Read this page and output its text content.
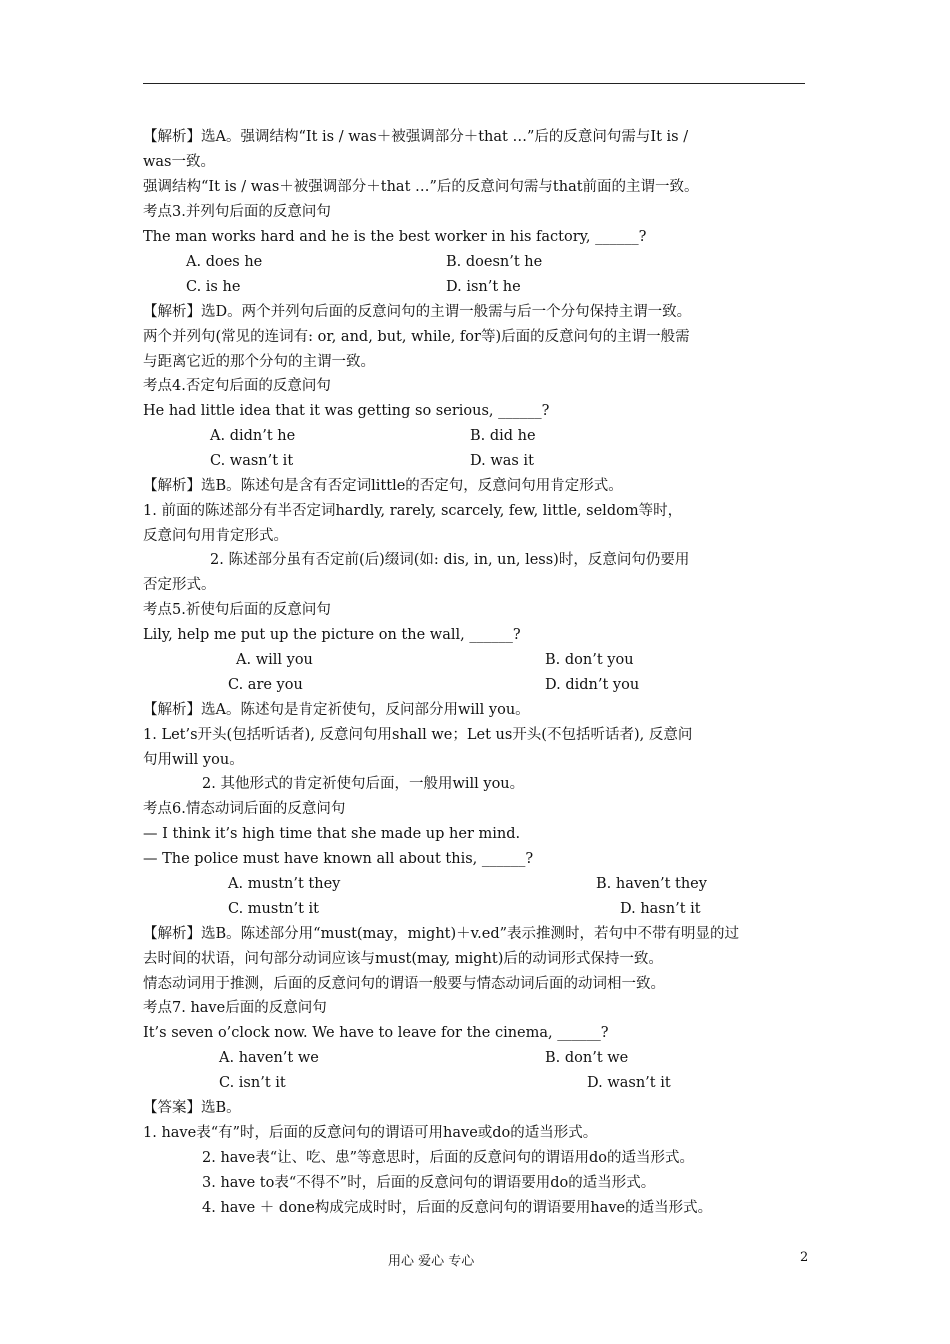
【解析】选A。强调结构“It is / was＋被强调部分＋that …”后的反意问句需与It is /
was一致。
强调结构“It is / was＋被强调部分＋that …”后的反意问句需与that前面的主谓一致。
考点3.并列句后面的反意问句
The man works hard and he is the best worker in his factory, ______?
A. does he	B. doesn’t he
C. is he	D. isn’t he
【解析】选D。两个并列句后面的反意问句的主谓一般需与后一个分句保持主谓一致。
两个并列句(常见的连词有: or, and, but, while, for等)后面的反意问句的主谓一般需
与距离它近的那个分句的主谓一致。
考点4.否定句后面的反意问句
He had little idea that it was getting so serious, ______?
A. didn’t he	B. did he
C. wasn’t it	D. was it
【解析】选B。陈述句是含有否定词little的否定句，反意问句用肯定形式。
1. 前面的陈述部分有半否定词hardly, rarely, scarcely, few, little, seldom等时，
反意问句用肯定形式。
2. 陈述部分虽有否定前(后)缀词(如: dis, in, un, less)时，反意问句仍要用
否定形式。
考点5.祈使句后面的反意问句
Lily, help me put up the picture on the wall, ______?
A. will you	B. don’t you
C. are you	D. didn’t you
【解析】选A。陈述句是肯定祈使句，反问部分用will you。
1. Let’s开头(包括听话者), 反意问句用shall we；Let us开头(不包括听话者), 反意问
句用will you。
2. 其他形式的肯定祈使句后面，一般用will you。
考点6.情态动词后面的反意问句
— I think it’s high time that she made up her mind.
— The police must have known all about this, ______?
A. mustn’t they	B. haven’t they
C. mustn’t it	D. hasn’t it
【解析】选B。陈述部分用“must(may，might)＋v.ed”表示推测时，若句中不带有明显的过
去时间的状语，问句部分动词应该与must(may, might)后的动词形式保持一致。
情态动词用于推测，后面的反意问句的谓语一般要与情态动词后面的动词相一致。
考点7. have后面的反意问句
It’s seven o’clock now. We have to leave for the cinema, ______?
A. haven’t we	B. don’t we
C. isn’t it	D. wasn’t it
【答案】选B。
1. have表“有”时，后面的反意问句的谓语可用have或do的适当形式。
2. have表“让、吃、患”等意思时，后面的反意问句的谓语用do的适当形式。
3. have to表“不得不”时，后面的反意问句的谓语要用do的适当形式。
4. have ＋ done构成完成时时，后面的反意问句的谓语要用have的适当形式。
用心 爱心 专心	2
